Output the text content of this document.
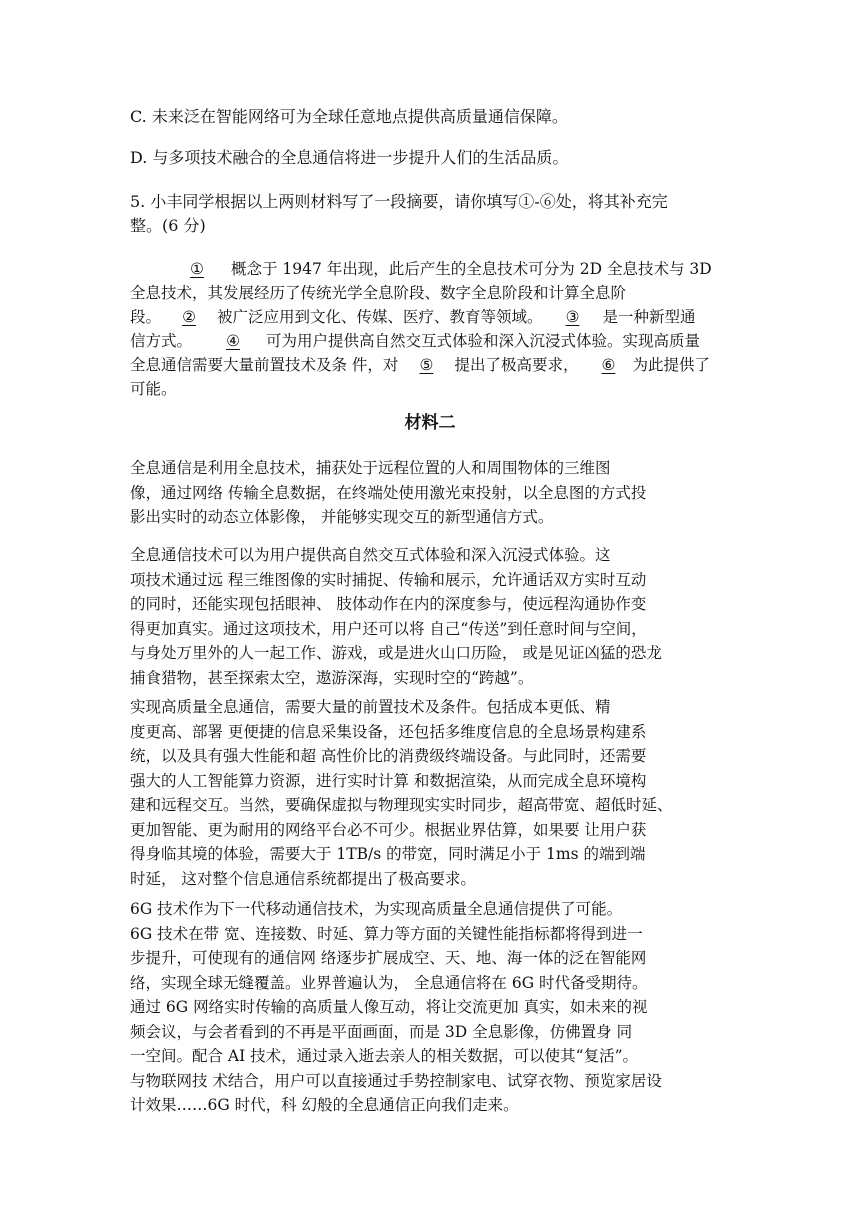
C. 未来泛在智能网络可为全球任意地点提供高质量通信保障。
D. 与多项技术融合的全息通信将进一步提升人们的生活品质。
5. 小丰同学根据以上两则材料写了一段摘要，请你填写①-⑥处，将其补充完
整。(6 分)
① 概念于 1947 年出现，此后产生的全息技术可分为 2D 全息技术与 3D
全息技术，其发展经历了传统光学全息阶段、数字全息阶段和计算全息阶
段。 ② 被广泛应用到文化、传媒、医疗、教育等领域。 ③ 是一种新型通
信方式。 ④ 可为用户提供高自然交互式体验和深入沉浸式体验。实现高质量
全息通信需要大量前置技术及条 件，对 ⑤ 提出了极高要求， ⑥ 为此提供了
可能。
材料二
全息通信是利用全息技术，捕获处于远程位置的人和周围物体的三维图
像，通过网络 传输全息数据，在终端处使用激光束投射，以全息图的方式投
影出实时的动态立体影像， 并能够实现交互的新型通信方式。
全息通信技术可以为用户提供高自然交互式体验和深入沉浸式体验。这
项技术通过远 程三维图像的实时捕捉、传输和展示，允许通话双方实时互动
的同时，还能实现包括眼神、 肢体动作在内的深度参与，使远程沟通协作变
得更加真实。通过这项技术，用户还可以将 自己“传送”到任意时间与空间，
与身处万里外的人一起工作、游戏，或是进火山口历险， 或是见证凶猛的恐龙
捕食猎物，甚至探索太空，遨游深海，实现时空的“跨越”。
实现高质量全息通信，需要大量的前置技术及条件。包括成本更低、精
度更高、部署 更便捷的信息采集设备，还包括多维度信息的全息场景构建系
统，以及具有强大性能和超 高性价比的消费级终端设备。与此同时，还需要
强大的人工智能算力资源，进行实时计算 和数据渲染，从而完成全息环境构
建和远程交互。当然，要确保虚拟与物理现实实时同步，超高带宽、超低时延、
更加智能、更为耐用的网络平台必不可少。根据业界估算，如果要 让用户获
得身临其境的体验，需要大于 1TB/s 的带宽，同时满足小于 1ms 的端到端
时延， 这对整个信息通信系统都提出了极高要求。
6G 技术作为下一代移动通信技术，为实现高质量全息通信提供了可能。
6G 技术在带 宽、连接数、时延、算力等方面的关键性能指标都将得到进一
步提升，可使现有的通信网 络逐步扩展成空、天、地、海一体的泛在智能网
络，实现全球无缝覆盖。业界普遍认为， 全息通信将在 6G 时代备受期待。
通过 6G 网络实时传输的高质量人像互动，将让交流更加 真实，如未来的视
频会议，与会者看到的不再是平面画面，而是 3D 全息影像，仿佛置身 同
一空间。配合 AI 技术，通过录入逝去亲人的相关数据，可以使其“复活”。
与物联网技 术结合，用户可以直接通过手势控制家电、试穿衣物、预览家居设
计效果……6G 时代，科 幻般的全息通信正向我们走来。
